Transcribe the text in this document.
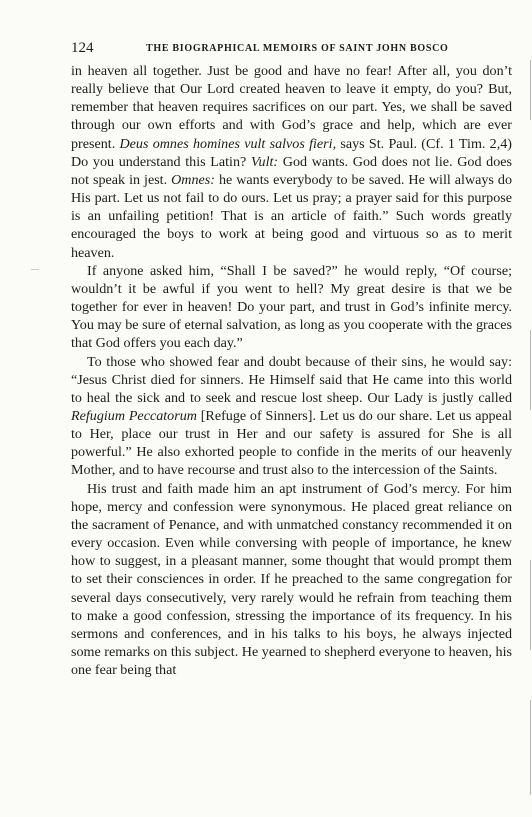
124	THE BIOGRAPHICAL MEMOIRS OF SAINT JOHN BOSCO

in heaven all together. Just be good and have no fear! After all, you don’t really believe that Our Lord created heaven to leave it empty, do you? But, remember that heaven requires sacrifices on our part. Yes, we shall be saved through our own efforts and with God’s grace and help, which are ever present. Deus omnes homines vult salvos fieri, says St. Paul. (Cf. 1 Tim. 2,4) Do you understand this Latin? Vult: God wants. God does not lie. God does not speak in jest. Omnes: he wants everybody to be saved. He will always do His part. Let us not fail to do ours. Let us pray; a prayer said for this purpose is an unfailing petition! That is an article of faith.” Such words greatly encouraged the boys to work at being good and virtuous so as to merit heaven.

If anyone asked him, “Shall I be saved?” he would reply, “Of course; wouldn’t it be awful if you went to hell? My great desire is that we be together for ever in heaven! Do your part, and trust in God’s infinite mercy. You may be sure of eternal salvation, as long as you cooperate with the graces that God offers you each day.”

To those who showed fear and doubt because of their sins, he would say: “Jesus Christ died for sinners. He Himself said that He came into this world to heal the sick and to seek and rescue lost sheep. Our Lady is justly called Refugium Peccatorum [Refuge of Sinners]. Let us do our share. Let us appeal to Her, place our trust in Her and our safety is assured for She is all powerful.” He also exhorted people to confide in the merits of our heavenly Mother, and to have recourse and trust also to the intercession of the Saints.

His trust and faith made him an apt instrument of God’s mercy. For him hope, mercy and confession were synonymous. He placed great reliance on the sacrament of Penance, and with unmatched constancy recommended it on every occasion. Even while conversing with people of importance, he knew how to suggest, in a pleasant manner, some thought that would prompt them to set their consciences in order. If he preached to the same congregation for several days consecutively, very rarely would he refrain from teaching them to make a good confession, stressing the importance of its frequency. In his sermons and conferences, and in his talks to his boys, he always injected some remarks on this subject. He yearned to shepherd everyone to heaven, his one fear being that
